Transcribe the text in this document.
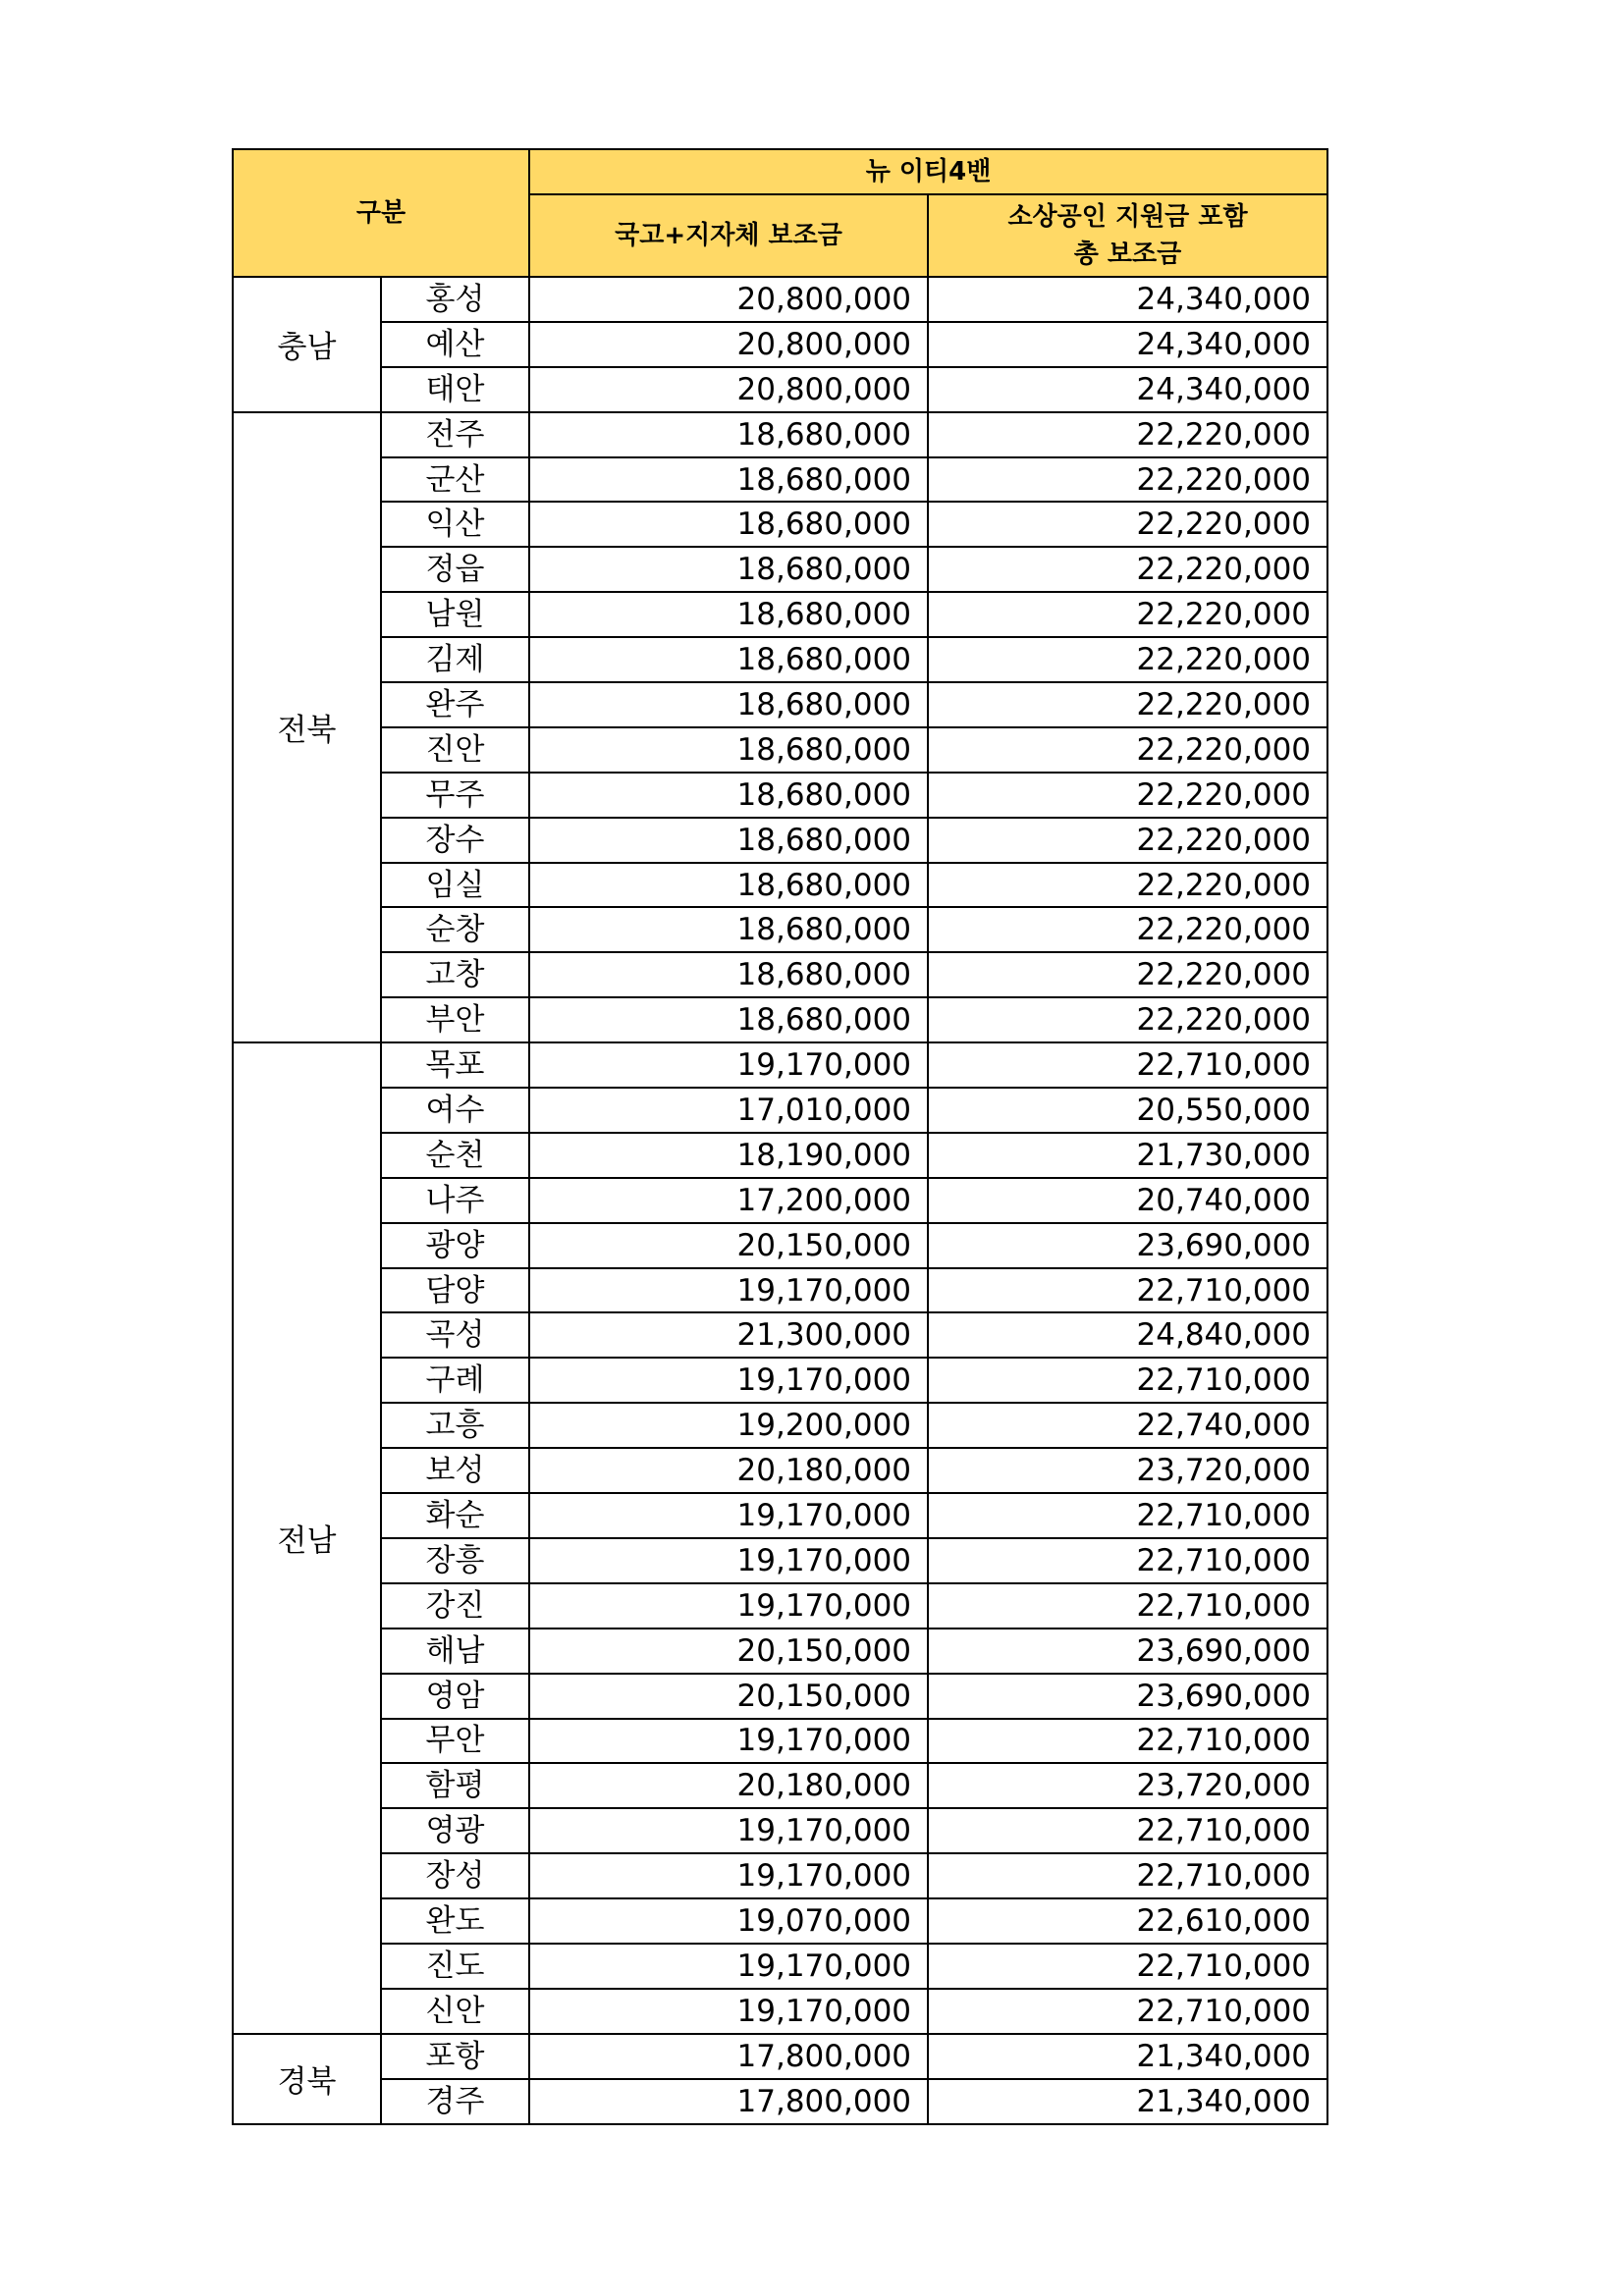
구분		뉴 이티4밴	
		국고+지자체 보조금	소상공인 지원금 포함
총 보조금

충남	홍성	20,800,000	24,340,000
	예산	20,800,000	24,340,000
	태안	20,800,000	24,340,000
전북	전주	18,680,000	22,220,000
	군산	18,680,000	22,220,000
	익산	18,680,000	22,220,000
	정읍	18,680,000	22,220,000
	남원	18,680,000	22,220,000
	김제	18,680,000	22,220,000
	완주	18,680,000	22,220,000
	진안	18,680,000	22,220,000
	무주	18,680,000	22,220,000
	장수	18,680,000	22,220,000
	임실	18,680,000	22,220,000
	순창	18,680,000	22,220,000
	고창	18,680,000	22,220,000
	부안	18,680,000	22,220,000
전남	목포	19,170,000	22,710,000
	여수	17,010,000	20,550,000
	순천	18,190,000	21,730,000
	나주	17,200,000	20,740,000
	광양	20,150,000	23,690,000
	담양	19,170,000	22,710,000
	곡성	21,300,000	24,840,000
	구례	19,170,000	22,710,000
	고흥	19,200,000	22,740,000
	보성	20,180,000	23,720,000
	화순	19,170,000	22,710,000
	장흥	19,170,000	22,710,000
	강진	19,170,000	22,710,000
	해남	20,150,000	23,690,000
	영암	20,150,000	23,690,000
	무안	19,170,000	22,710,000
	함평	20,180,000	23,720,000
	영광	19,170,000	22,710,000
	장성	19,170,000	22,710,000
	완도	19,070,000	22,610,000
	진도	19,170,000	22,710,000
	신안	19,170,000	22,710,000
경북	포항	17,800,000	21,340,000
	경주	17,800,000	21,340,000
